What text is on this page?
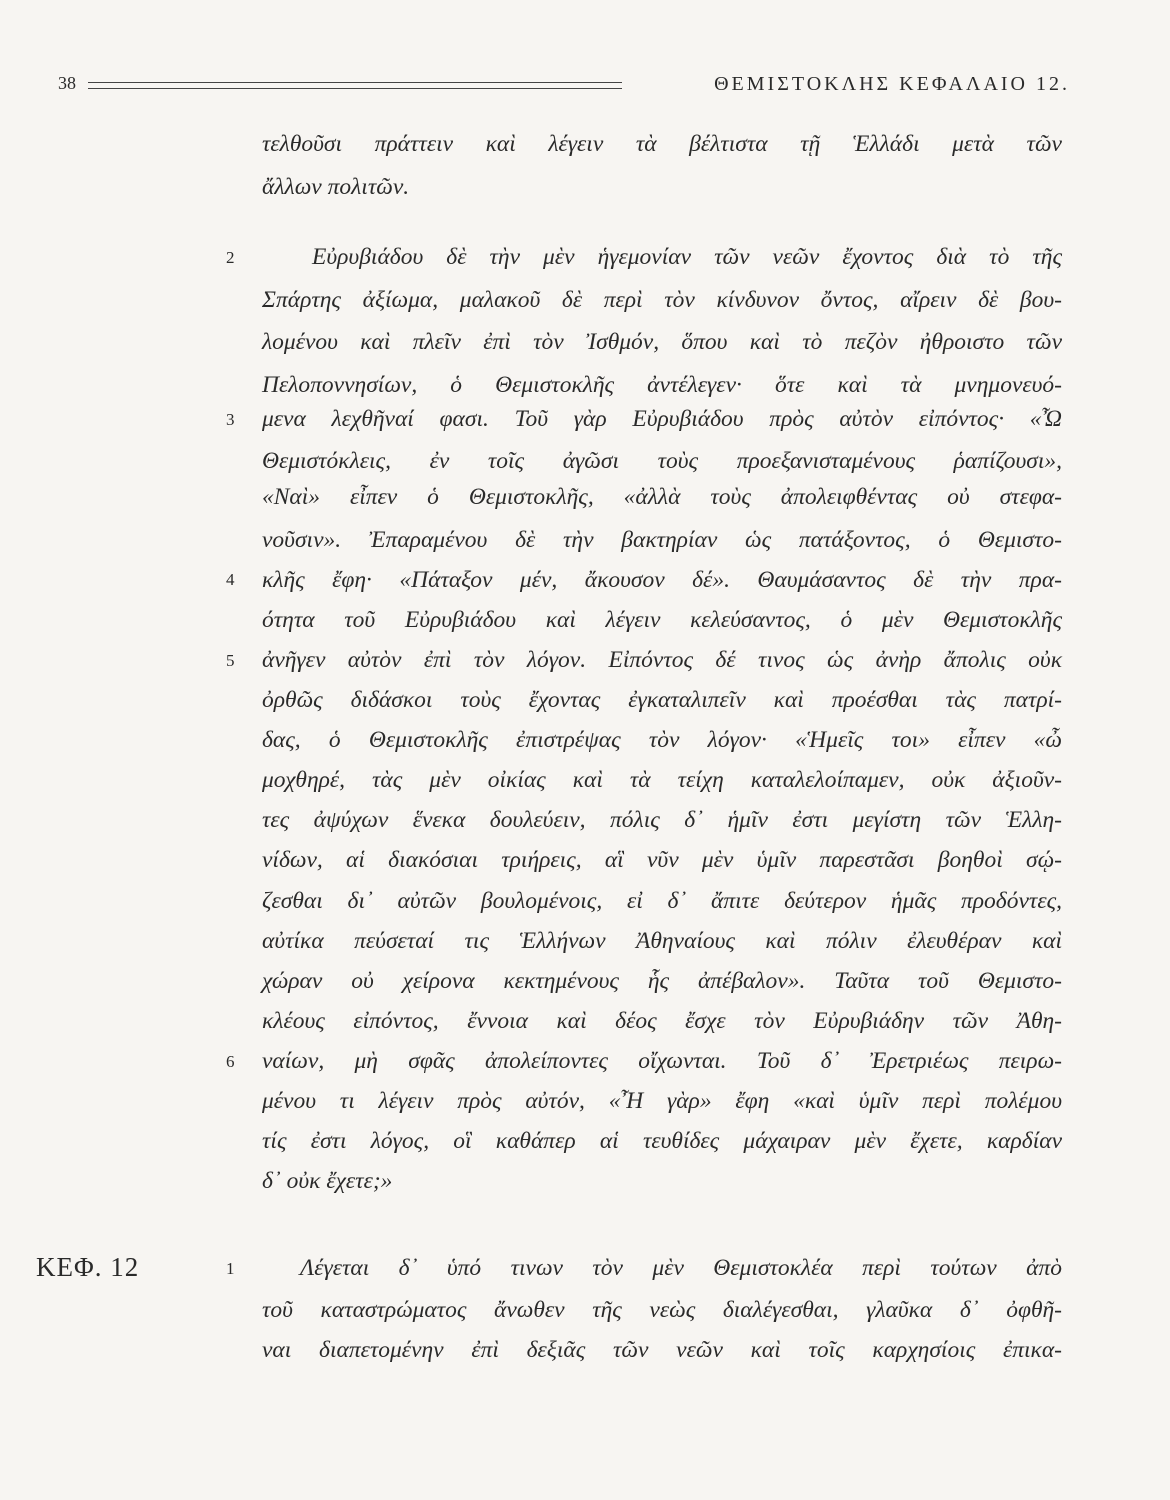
38	ΘΕΜΙΣΤΟΚΛΗΣ ΚΕΦΑΛΑΙΟ 12.
τελθοῦσι πράττειν καὶ λέγειν τὰ βέλτιστα τῇ Ἑλλάδι μετὰ τῶν
ἄλλων πολιτῶν.
Εὐρυβιάδου δὲ τὴν μὲν ἡγεμονίαν τῶν νεῶν ἔχοντος διὰ τὸ τῆς
Σπάρτης ἀξίωμα, μαλακοῦ δὲ περὶ τὸν κίνδυνον ὄντος, αἴρειν δὲ βου-
λομένου καὶ πλεῖν ἐπὶ τὸν Ἰσθμόν, ὅπου καὶ τὸ πεζὸν ἠθροιστο τῶν
Πελοποννησίων, ὁ Θεμιστοκλῆς ἀντέλεγεν· ὅτε καὶ τὰ μνημονευό-
μενα λεχθῆναί φασι. Τοῦ γὰρ Εὐρυβιάδου πρὸς αὐτὸν εἰπόντος· «Ὦ
Θεμιστόκλεις, ἐν τοῖς ἀγῶσι τοὺς προεξανισταμένους ῥαπίζουσι»,
«Ναὶ» εἶπεν ὁ Θεμιστοκλῆς, «ἀλλὰ τοὺς ἀπολειφθέντας οὐ στεφα-
νοῦσιν». Ἐπαραμένου δὲ τὴν βακτηρίαν ὡς πατάξοντος, ὁ Θεμιστο-
κλῆς ἔφη· «Πάταξον μέν, ἄκουσον δέ». Θαυμάσαντος δὲ τὴν πρα-
ότητα τοῦ Εὐρυβιάδου καὶ λέγειν κελεύσαντος, ὁ μὲν Θεμιστοκλῆς
ἀνῆγεν αὐτὸν ἐπὶ τὸν λόγον. Εἰπόντος δέ τινος ὡς ἀνὴρ ἄπολις οὐκ
ὀρθῶς διδάσκοι τοὺς ἔχοντας ἐγκαταλιπεῖν καὶ προέσθαι τὰς πατρί-
δας, ὁ Θεμιστοκλῆς ἐπιστρέψας τὸν λόγον· «Ἡμεῖς τοι» εἶπεν «ὦ
μοχθηρέ, τὰς μὲν οἰκίας καὶ τὰ τείχη καταλελοίπαμεν, οὐκ ἀξιοῦν-
τες ἀψύχων ἕνεκα δουλεύειν, πόλις δ᾽ ἡμῖν ἐστι μεγίστη τῶν Ἑλλη-
νίδων, αἱ διακόσιαι τριήρεις, αἳ νῦν μὲν ὑμῖν παρεστᾶσι βοηθοὶ σῴ-
ζεσθαι δι᾽ αὐτῶν βουλομένοις, εἰ δ᾽ ἄπιτε δεύτερον ἡμᾶς προδόντες,
αὐτίκα πεύσεταί τις Ἑλλήνων Ἀθηναίους καὶ πόλιν ἐλευθέραν καὶ
χώραν οὐ χείρονα κεκτημένους ἧς ἀπέβαλον». Ταῦτα τοῦ Θεμιστο-
κλέους εἰπόντος, ἔννοια καὶ δέος ἔσχε τὸν Εὐρυβιάδην τῶν Ἀθη-
ναίων, μὴ σφᾶς ἀπολείποντες οἴχωνται. Τοῦ δ᾽ Ἐρετριέως πειρω-
μένου τι λέγειν πρὸς αὐτόν, «Ἦ γὰρ» ἔφη «καὶ ὑμῖν περὶ πολέμου
τίς ἐστι λόγος, οἳ καθάπερ αἱ τευθίδες μάχαιραν μὲν ἔχετε, καρδίαν
δ᾽ οὐκ ἔχετε;»
Λέγεται δ᾽ ὑπό τινων τὸν μὲν Θεμιστοκλέα περὶ τούτων ἀπὸ
τοῦ καταστρώματος ἄνωθεν τῆς νεὼς διαλέγεσθαι, γλαῦκα δ᾽ ὀφθῆ-
ναι διαπετομένην ἐπὶ δεξιᾶς τῶν νεῶν καὶ τοῖς καρχησίοις ἐπικα-
2
3
4
5
6
1
ΚΕΦ. 12
